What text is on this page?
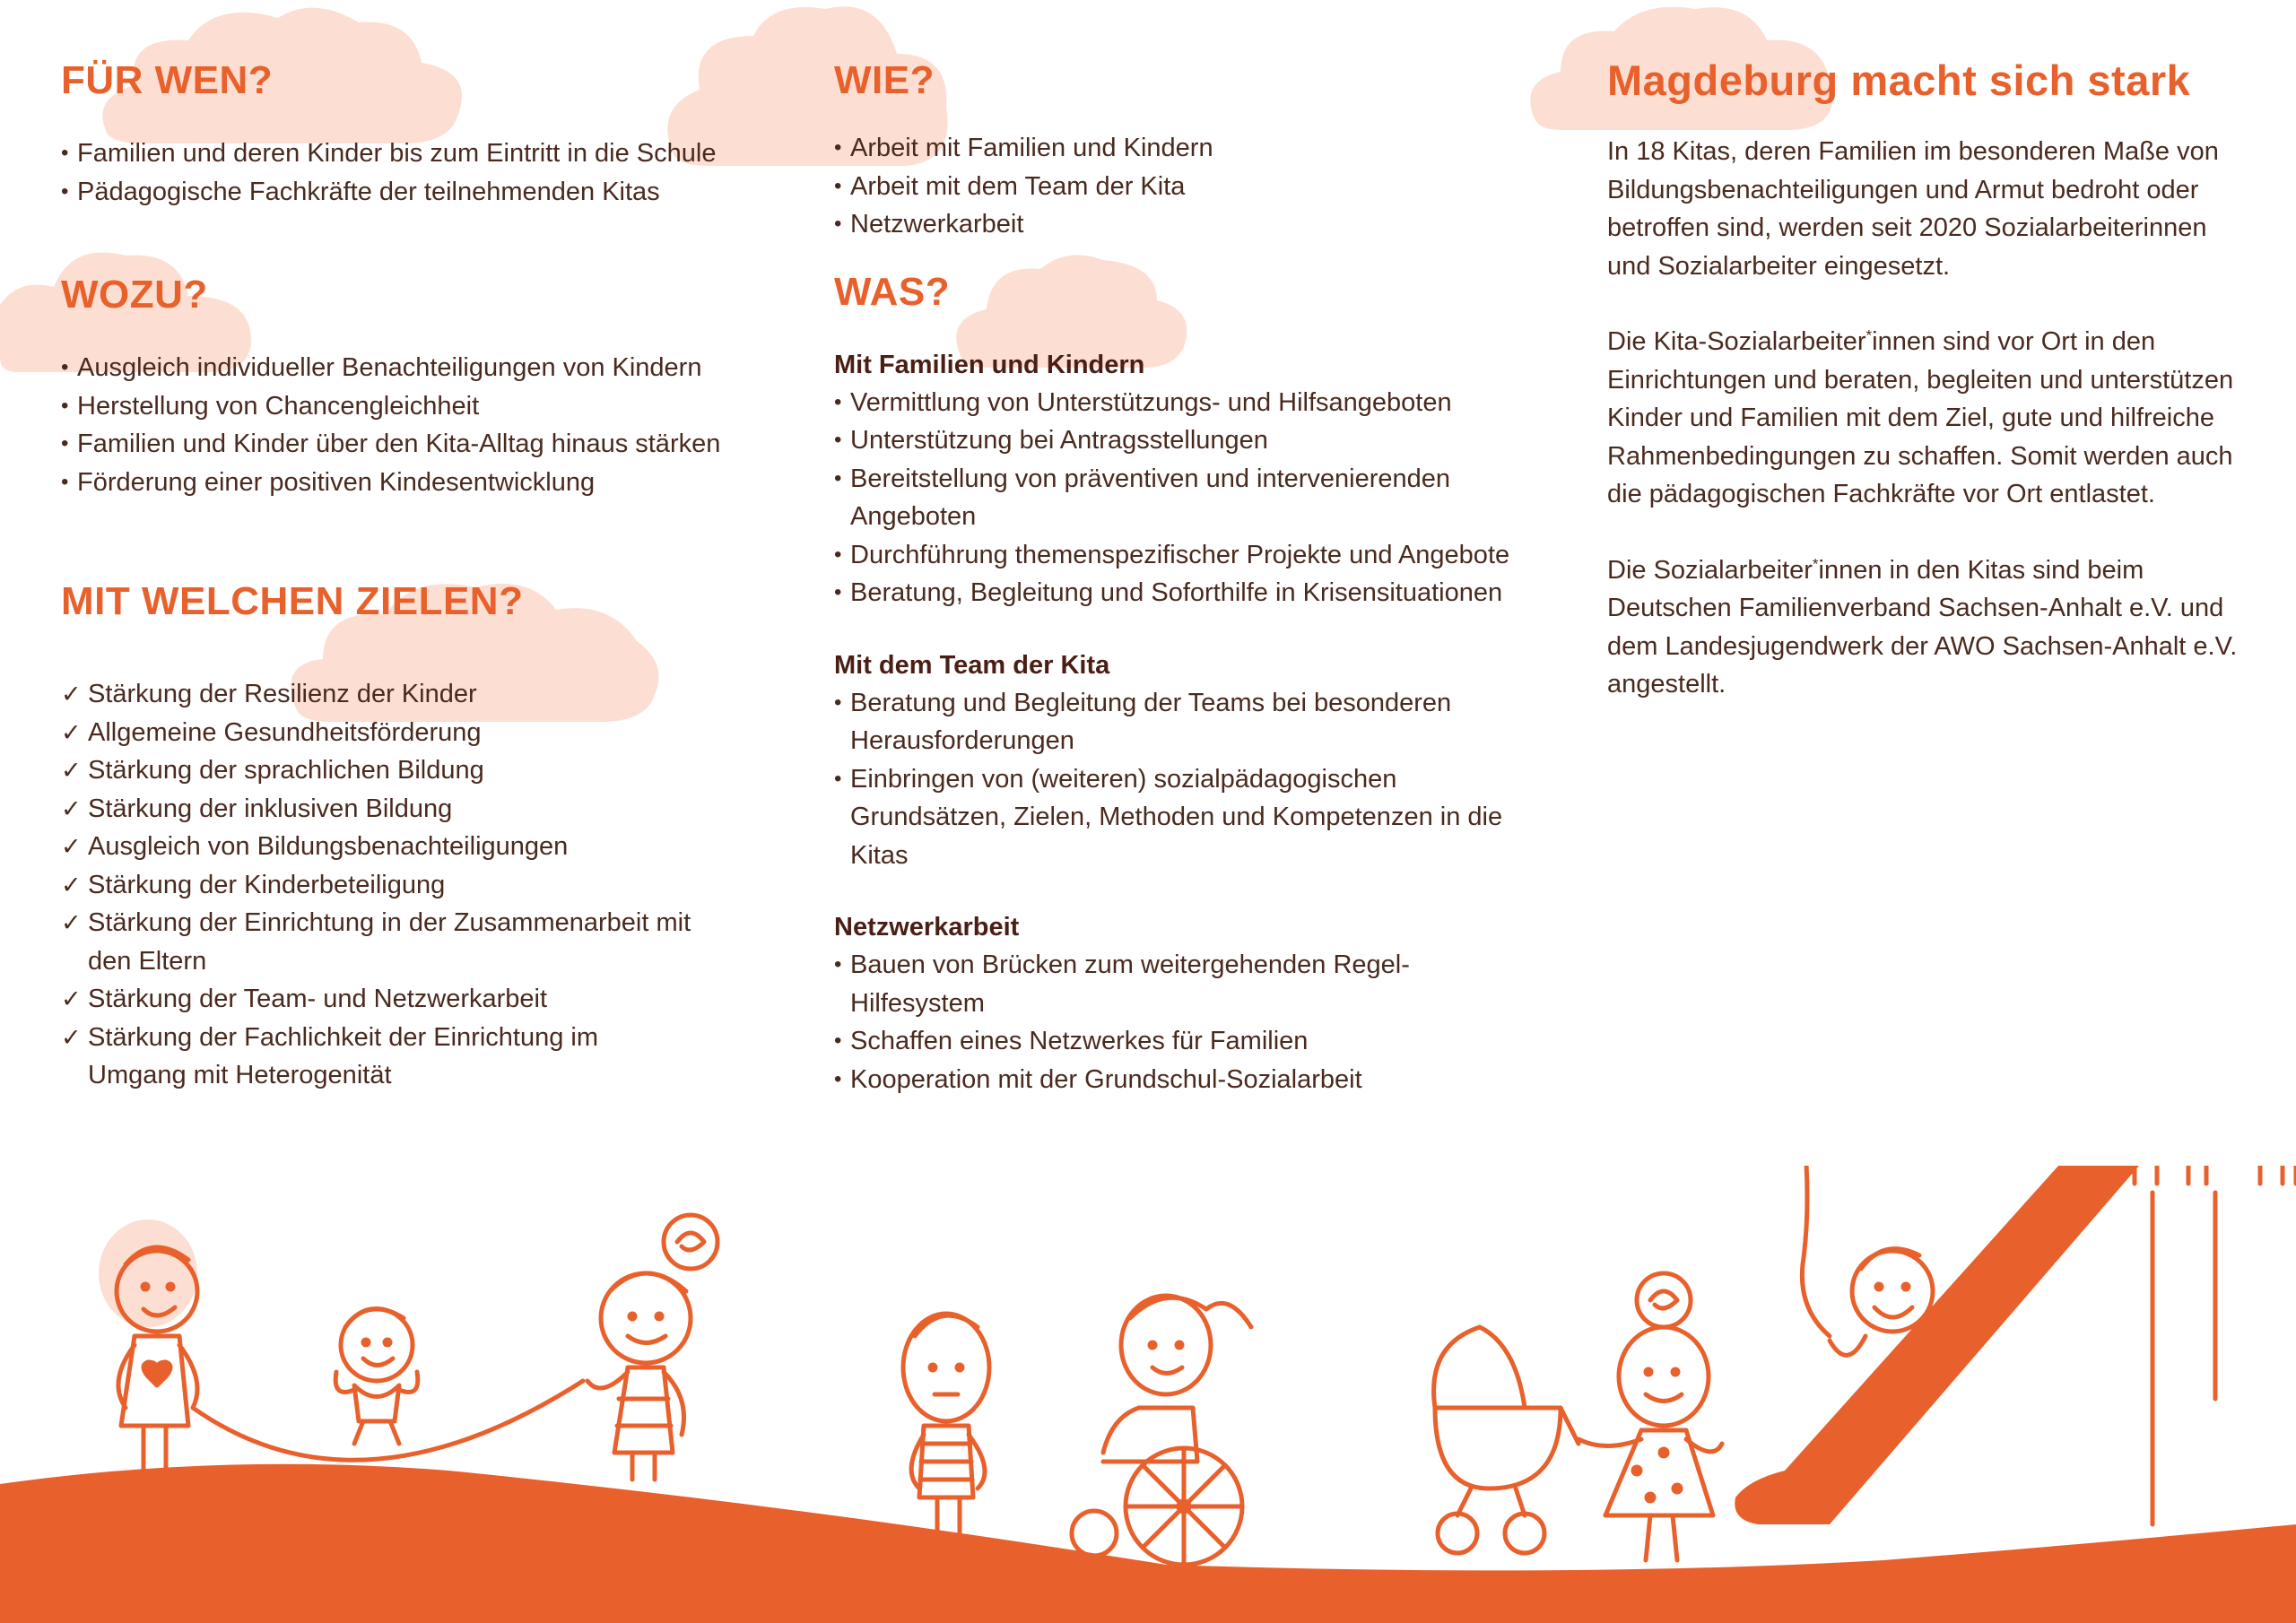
FÜR WEN?
• Familien und deren Kinder bis zum Eintritt in die Schule
• Pädagogische Fachkräfte der teilnehmenden Kitas
WOZU?
• Ausgleich individueller Benachteiligungen von Kindern
• Herstellung von Chancengleichheit
• Familien und Kinder über den Kita-Alltag hinaus stärken
• Förderung einer positiven Kindesentwicklung
MIT WELCHEN ZIELEN?
✓ Stärkung der Resilienz der Kinder
✓ Allgemeine Gesundheitsförderung
✓ Stärkung der sprachlichen Bildung
✓ Stärkung der inklusiven Bildung
✓ Ausgleich von Bildungsbenachteiligungen
✓ Stärkung der Kinderbeteiligung
✓ Stärkung der Einrichtung in der Zusammenarbeit mit den Eltern
✓ Stärkung der Team- und Netzwerkarbeit
✓ Stärkung der Fachlichkeit der Einrichtung im Umgang mit Heterogenität
WIE?
• Arbeit mit Familien und Kindern
• Arbeit mit dem Team der Kita
• Netzwerkarbeit
WAS?
Mit Familien und Kindern
• Vermittlung von Unterstützungs- und Hilfsangeboten
• Unterstützung bei Antragsstellungen
• Bereitstellung von präventiven und intervenierenden Angeboten
• Durchführung themenspezifischer Projekte und Angebote
• Beratung, Begleitung und Soforthilfe in Krisensituationen
Mit dem Team der Kita
• Beratung und Begleitung der Teams bei besonderen Herausforderungen
• Einbringen von (weiteren) sozialpädagogischen Grundsätzen, Zielen, Methoden und Kompetenzen in die Kitas
Netzwerkarbeit
• Bauen von Brücken zum weitergehenden Regel-Hilfesystem
• Schaffen eines Netzwerkes für Familien
• Kooperation mit der Grundschul-Sozialarbeit
Magdeburg macht sich stark

In 18 Kitas, deren Familien im besonderen Maße von Bildungsbenachteiligungen und Armut bedroht oder betroffen sind, werden seit 2020 Sozialarbeiterinnen und Sozialarbeiter eingesetzt.

Die Kita-Sozialarbeiter*innen sind vor Ort in den Einrichtungen und beraten, begleiten und unterstützen Kinder und Familien mit dem Ziel, gute und hilfreiche Rahmenbedingungen zu schaffen. Somit werden auch die pädagogischen Fachkräfte vor Ort entlastet.

Die Sozialarbeiter*innen in den Kitas sind beim Deutschen Familienverband Sachsen-Anhalt e.V. und dem Landesjugendwerk der AWO Sachsen-Anhalt e.V. angestellt.
